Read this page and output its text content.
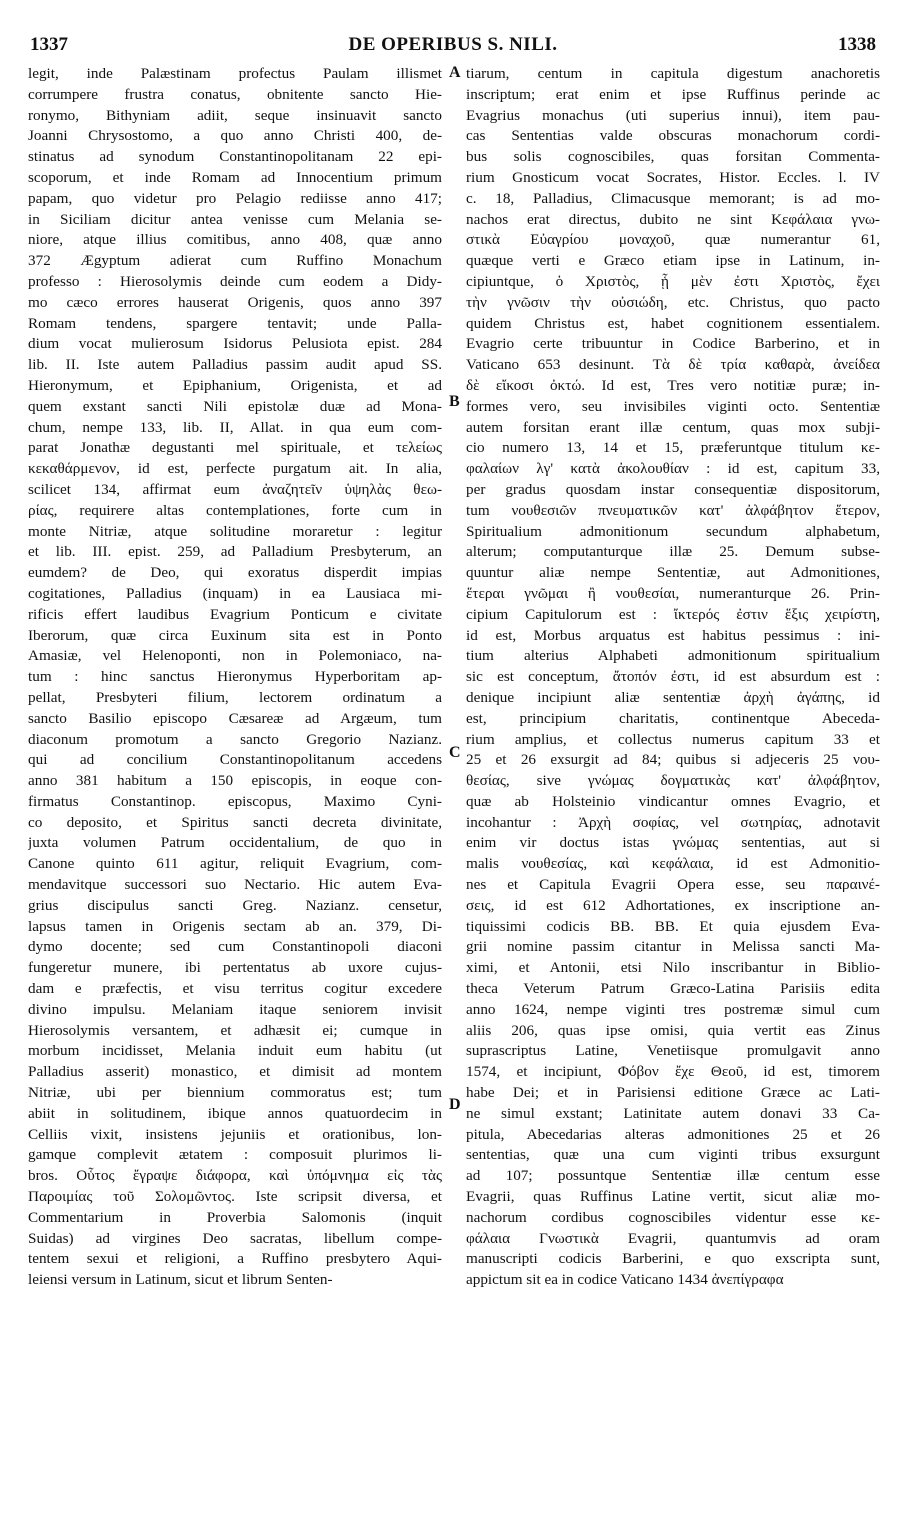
1337	DE OPERIBUS S. NILI.	1338
legit, inde Palæstinam profectus Paulam illismet
corrumpere frustra conatus, obnitente sancto Hie-
ronymo, Bithyniam adiit, seque insinuavit sancto
Joanni Chrysostomo, a quo anno Christi 400, de-
stinatus ad synodum Constantinopolitanam 22 epi-
scoporum, et inde Romam ad Innocentium primum
papam, quo videtur pro Pelagio rediisse anno 417;
in Siciliam dicitur antea venisse cum Melania se-
niore, atque illius comitibus, anno 408, quæ anno
372 Ægyptum adierat cum Ruffino Monachum
professo : Hierosolymis deinde cum eodem a Didy-
mo cæco errores hauserat Origenis, quos anno 397
Romam tendens, spargere tentavit; unde Palla-
dium vocat mulierosum Isidorus Pelusiota epist. 284
lib. II. Iste autem Palladius passim audit apud SS.
Hieronymum, et Epiphanium, Origenista, et ad
quem exstant sancti Nili epistolæ duæ ad Mona-
chum, nempe 133, lib. II, Allat. in qua eum com-
parat Jonathæ degustanti mel spirituale, et τελείως
κεκαθάρμενον, id est, perfecte purgatum ait. In alia,
scilicet 134, affirmat eum ἀναζητεῖν ὑψηλὰς θεω-
ρίας, requirere altas contemplationes, forte cum in
monte Nitriæ, atque solitudine moraretur : legitur
et lib. III. epist. 259, ad Palladium Presbyterum, an
eumdem? de Deo, qui exoratus disperdit impias
cogitationes, Palladius (inquam) in ea Lausiaca mi-
rificis effert laudibus Evagrium Ponticum e civitate
Iberorum, quæ circa Euxinum sita est in Ponto
Amasiæ, vel Helenoponti, non in Polemoniaco, na-
tum : hinc sanctus Hieronymus Hyperboritam ap-
pellat, Presbyteri filium, lectorem ordinatum a
sancto Basilio episcopo Cæsareæ ad Argæum, tum
diaconum promotum a sancto Gregorio Nazianz.
qui ad concilium Constantinopolitanum accedens
anno 381 habitum a 150 episcopis, in eoque con-
firmatus Constantinop. episcopus, Maximo Cyni-
co deposito, et Spiritus sancti decreta divinitate,
juxta volumen Patrum occidentalium, de quo in
Canone quinto 611 agitur, reliquit Evagrium, com-
mendavitque successori suo Nectario. Hic autem Eva-
grius discipulus sancti Greg. Nazianz. censetur,
lapsus tamen in Origenis sectam ab an. 379, Di-
dymo docente; sed cum Constantinopoli diaconi
fungeretur munere, ibi pertentatus ab uxore cujus-
dam e præfectis, et visu territus cogitur excedere
divino impulsu. Melaniam itaque seniorem invisit
Hierosolymis versantem, et adhæsit ei; cumque in
morbum incidisset, Melania induit eum habitu (ut
Palladius asserit) monastico, et dimisit ad montem
Nitriæ, ubi per biennium commoratus est; tum
abiit in solitudinem, ibique annos quatuordecim in
Celliis vixit, insistens jejuniis et orationibus, lon-
gamque complevit ætatem : composuit plurimos li-
bros. Οὗτος ἔγραψε διάφορα, καὶ ὑπόμνημα εἰς τὰς
Παροιμίας τοῦ Σολομῶντος. Iste scripsit diversa, et
Commentarium in Proverbia Salomonis (inquit
Suidas) ad virgines Deo sacratas, libellum compe-
tentem sexui et religioni, a Ruffino presbytero Aqui-
leiensi versum in Latinum, sicut et librum Senten-
tiarum, centum in capitula digestum anachoretis
inscriptum; erat enim et ipse Ruffinus perinde ac
Evagrius monachus (uti superius innui), item pau-
cas Sententias valde obscuras monachorum cordi-
bus solis cognoscibiles, quas forsitan Commenta-
rium Gnosticum vocat Socrates, Histor. Eccles. l. IV
c. 18, Palladius, Climacusque memorant; is ad mo-
nachos erat directus, dubito ne sint Κεφάλαια γνω-
στικὰ Εὐαγρίου μοναχοῦ, quæ numerantur 61,
quæque verti e Græco etiam ipse in Latinum, in-
cipiuntque, ὁ Χριστὸς, ᾗ μὲν ἐστι Χριστὸς, ἔχει
τὴν γνῶσιν τὴν οὐσιώδη, etc. Christus, quo pacto
quidem Christus est, habet cognitionem essentialem.
Evagrio certe tribuuntur in Codice Barberino, et in
Vaticano 653 desinunt. Τὰ δὲ τρία καθαρὰ, ἀνείδεα
δὲ εἴκοσι ὀκτώ. Id est, Tres vero notitiæ puræ; in-
formes vero, seu invisibiles viginti octo. Sententiæ
autem forsitan erant illæ centum, quas mox subji-
cio numero 13, 14 et 15, præferuntque titulum κε-
φαλαίων λγ' κατὰ ἀκολουθίαν : id est, capitum 33,
per gradus quosdam instar consequentiæ dispositorum,
tum νουθεσιῶν πνευματικῶν κατ' ἀλφάβητον ἕτερον,
Spiritualium admonitionum secundum alphabetum,
alterum; computanturque illæ 25. Demum subse-
quuntur aliæ nempe Sententiæ, aut Admonitiones,
ἕτεραι γνῶμαι ἢ νουθεσίαι, numeranturque 26. Prin-
cipium Capitulorum est : ἴκτερός ἐστιν ἕξις χειρίστη,
id est, Morbus arquatus est habitus pessimus : ini-
tium alterius Alphabeti admonitionum spiritualium
sic est conceptum, ἄτοπόν ἐστι, id est absurdum est :
denique incipiunt aliæ sententiæ ἀρχὴ ἀγάπης, id
est, principium charitatis, continentque Abeceda-
rium amplius, et collectus numerus capitum 33 et
25 et 26 exsurgit ad 84; quibus si adjeceris 25 νου-
θεσίας, sive γνώμας δογματικὰς κατ' ἀλφάβητον,
quæ ab Holsteinio vindicantur omnes Evagrio, et
incohantur : Ἀρχὴ σοφίας, vel σωτηρίας, adnotavit
enim vir doctus istas γνώμας sententias, aut si
malis νουθεσίας, καὶ κεφάλαια, id est Admonitio-
nes et Capitula Evagrii Opera esse, seu παραινέ-
σεις, id est 612 Adhortationes, ex inscriptione an-
tiquissimi codicis BB. BB. Et quia ejusdem Eva-
grii nomine passim citantur in Melissa sancti Ma-
ximi, et Antonii, etsi Nilo inscribantur in Biblio-
theca Veterum Patrum Græco-Latina Parisiis edita
anno 1624, nempe viginti tres postremæ simul cum
aliis 206, quas ipse omisi, quia vertit eas Zinus
suprascriptus Latine, Venetiisque promulgavit anno
1574, et incipiunt, Φόβον ἔχε Θεοῦ, id est, timorem
habe Dei; et in Parisiensi editione Græce ac Lati-
ne simul exstant; Latinitate autem donavi 33 Ca-
pitula, Abecedarias alteras admonitiones 25 et 26
sententias, quæ una cum viginti tribus exsurgunt
ad 107; possuntque Sententiæ illæ centum esse
Evagrii, quas Ruffinus Latine vertit, sicut aliæ mo-
nachorum cordibus cognoscibiles videntur esse κε-
φάλαια Γνωστικὰ Evagrii, quantumvis ad oram
manuscripti codicis Barberini, e quo exscripta sunt,
appictum sit ea in codice Vaticano 1434 ἀνεπίγραφα
A
B
C
D
